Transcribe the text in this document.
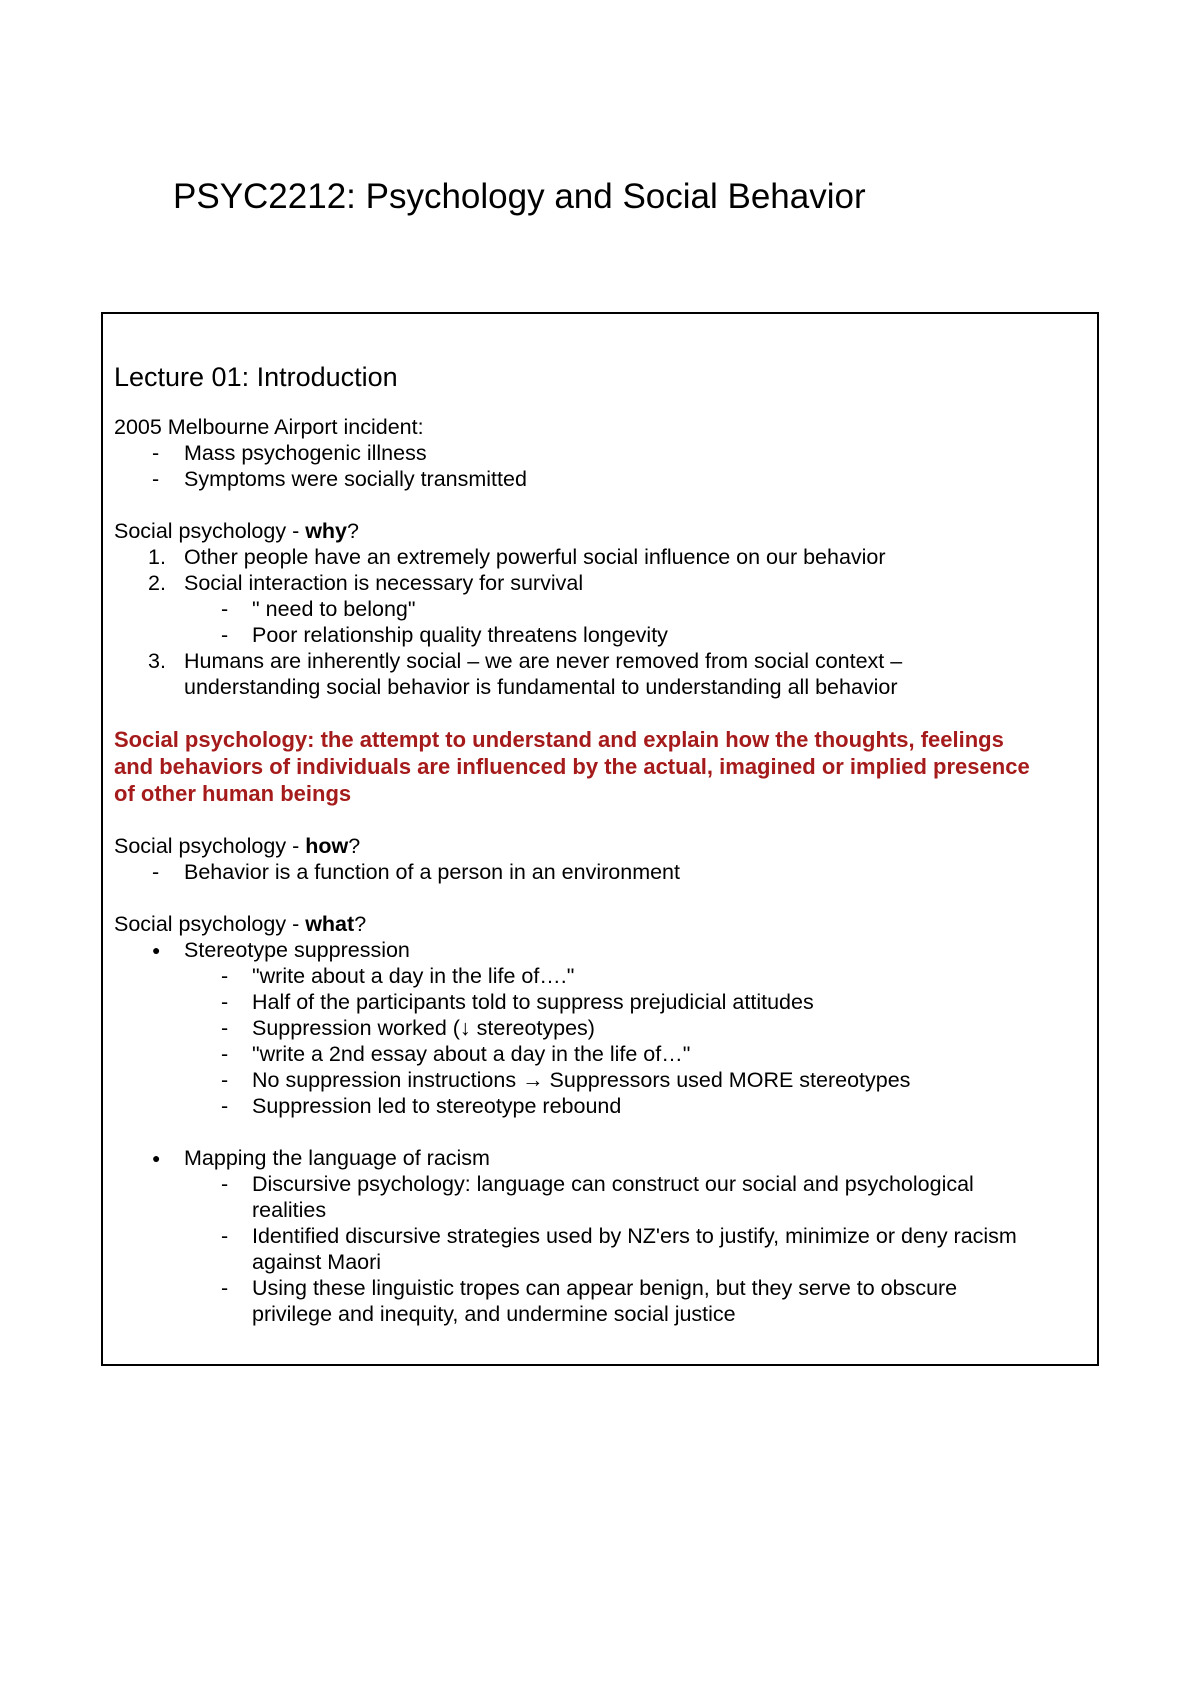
PSYC2212: Psychology and Social Behavior
Lecture 01: Introduction
2005 Melbourne Airport incident:
- Mass psychogenic illness
- Symptoms were socially transmitted
Social psychology - why?
1. Other people have an extremely powerful social influence on our behavior
2. Social interaction is necessary for survival
- " need to belong"
- Poor relationship quality threatens longevity
3. Humans are inherently social – we are never removed from social context –
understanding social behavior is fundamental to understanding all behavior
Social psychology: the attempt to understand and explain how the thoughts, feelings
and behaviors of individuals are influenced by the actual, imagined or implied presence
of other human beings
Social psychology - how?
- Behavior is a function of a person in an environment
Social psychology - what?
● Stereotype suppression
- "write about a day in the life of…."
- Half of the participants told to suppress prejudicial attitudes
- Suppression worked (↓ stereotypes)
- "write a 2nd essay about a day in the life of…"
- No suppression instructions → Suppressors used MORE stereotypes
- Suppression led to stereotype rebound
● Mapping the language of racism
- Discursive psychology: language can construct our social and psychological
realities
- Identified discursive strategies used by NZ'ers to justify, minimize or deny racism
against Maori
- Using these linguistic tropes can appear benign, but they serve to obscure
privilege and inequity, and undermine social justice
